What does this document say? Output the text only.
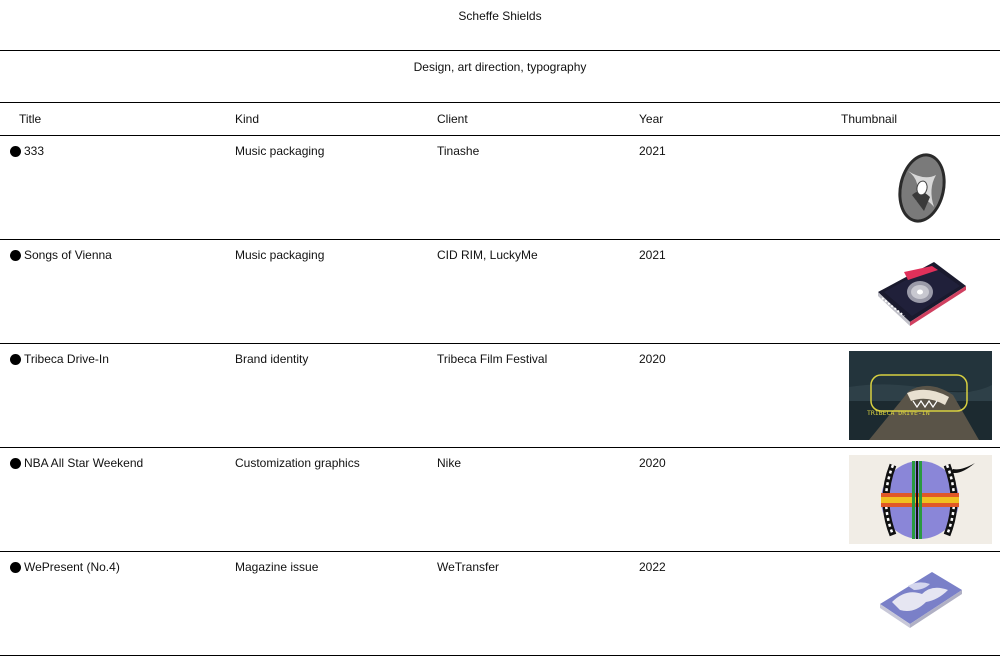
Scheffe Shields
Design, art direction, typography
Title	Kind	Client	Year	Thumbnail
333	Music packaging	Tinashe	2021
Songs of Vienna	Music packaging	CID RIM, LuckyMe	2021
Tribeca Drive-In	Brand identity	Tribeca Film Festival	2020
TRIBECA DRIVE-IN
NBA All Star Weekend	Customization graphics	Nike	2020
WePresent (No.4)	Magazine issue	WeTransfer	2022
